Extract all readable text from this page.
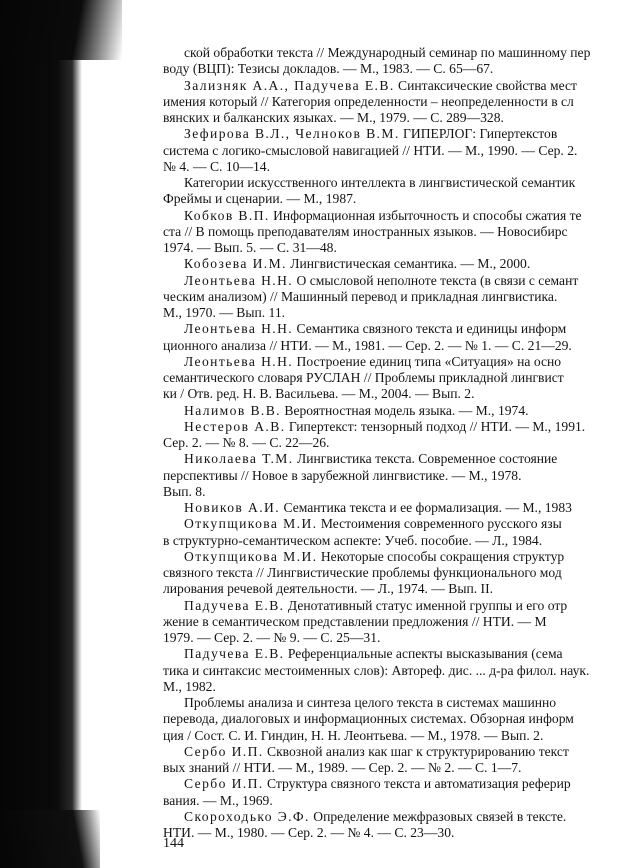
ской обработки текста // Международный семинар по машинному пер
воду (ВЦП): Тезисы докладов. — М., 1983. — С. 65—67.
Зализняк А.А., Падучева Е.В. Синтаксические свойства мест
имения который // Категория определенности – неопределенности в сл
вянских и балканских языках. — М., 1979. — С. 289—328.
Зефирова В.Л., Челноков В.М. ГИПЕРЛОГ: Гипертекстов
система с логико-смысловой навигацией // НТИ. — М., 1990. — Сер. 2.
№ 4. — С. 10—14.
Категории искусственного интеллекта в лингвистической семантик
Фреймы и сценарии. — М., 1987.
Кобков В.П. Информационная избыточность и способы сжатия те
ста // В помощь преподавателям иностранных языков. — Новосибирс
1974. — Вып. 5. — С. 31—48.
Кобозева И.М. Лингвистическая семантика. — М., 2000.
Леонтьева Н.Н. О смысловой неполноте текста (в связи с семант
ческим анализом) // Машинный перевод и прикладная лингвистика.
М., 1970. — Вып. 11.
Леонтьева Н.Н. Семантика связного текста и единицы информ
ционного анализа // НТИ. — М., 1981. — Сер. 2. — № 1. — С. 21—29.
Леонтьева Н.Н. Построение единиц типа «Ситуация» на осно
семантического словаря РУСЛАН // Проблемы прикладной лингвист
ки / Отв. ред. Н. В. Васильева. — М., 2004. — Вып. 2.
Налимов В.В. Вероятностная модель языка. — М., 1974.
Нестеров А.В. Гипертекст: тензорный подход // НТИ. — М., 1991.
Сер. 2. — № 8. — С. 22—26.
Николаева Т.М. Лингвистика текста. Современное состояние
перспективы // Новое в зарубежной лингвистике. — М., 1978.
Вып. 8.
Новиков А.И. Семантика текста и ее формализация. — М., 1983
Откупщикова М.И. Местоимения современного русского язы
в структурно-семантическом аспекте: Учеб. пособие. — Л., 1984.
Откупщикова М.И. Некоторые способы сокращения структур
связного текста // Лингвистические проблемы функционального мод
лирования речевой деятельности. — Л., 1974. — Вып. II.
Падучева Е.В. Денотативный статус именной группы и его отр
жение в семантическом представлении предложения // НТИ. — М
1979. — Сер. 2. — № 9. — С. 25—31.
Падучева Е.В. Референциальные аспекты высказывания (сема
тика и синтаксис местоименных слов): Автореф. дис. ... д-ра филол. наук.
М., 1982.
Проблемы анализа и синтеза целого текста в системах машинно
перевода, диалоговых и информационных системах. Обзорная информ
ция / Сост. С. И. Гиндин, Н. Н. Леонтьева. — М., 1978. — Вып. 2.
Сербо И.П. Сквозной анализ как шаг к структурированию текст
вых знаний // НТИ. — М., 1989. — Сер. 2. — № 2. — С. 1—7.
Сербо И.П. Структура связного текста и автоматизация реферир
вания. — М., 1969.
Скороходько Э.Ф. Определение межфразовых связей в тексте.
НТИ. — М., 1980. — Сер. 2. — № 4. — С. 23—30.
144
